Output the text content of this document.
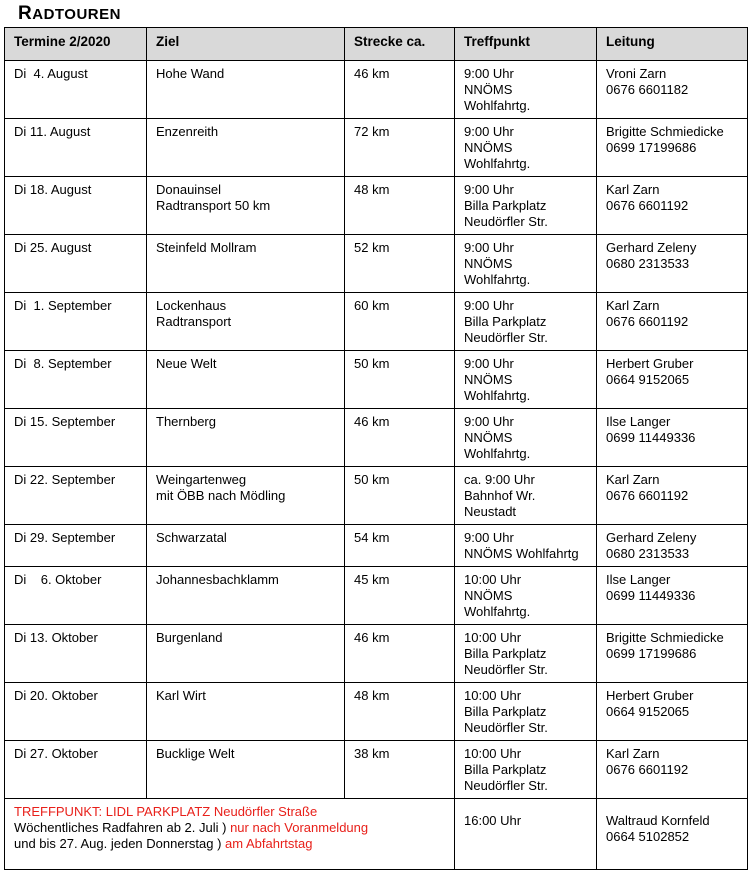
RADTOUREN
Termine 2/2020	Ziel	Strecke ca.	Treffpunkt	Leitung
Di  4. August	Hohe Wand	46 km	9:00 Uhr
NNÖMS
Wohlfahrtg.	Vroni Zarn
0676 6601182

Di 11. August	Enzenreith	72 km	9:00 Uhr
NNÖMS
Wohlfahrtg.	Brigitte Schmiedicke
0699 17199686

Di 18. August	Donauinsel
Radtransport 50 km	48 km	9:00 Uhr
Billa Parkplatz
Neudörfler Str.	Karl Zarn
0676 6601192

Di 25. August	Steinfeld Mollram	52 km	9:00 Uhr
NNÖMS
Wohlfahrtg.	Gerhard Zeleny
0680 2313533

Di  1. September	Lockenhaus
Radtransport	60 km	9:00 Uhr
Billa Parkplatz
Neudörfler Str.	Karl Zarn
0676 6601192

Di  8. September	Neue Welt	50 km	9:00 Uhr
NNÖMS
Wohlfahrtg.	Herbert Gruber
0664 9152065

Di 15. September	Thernberg	46 km	9:00 Uhr
NNÖMS
Wohlfahrtg.	Ilse Langer
0699 11449336

Di 22. September	Weingartenweg
mit ÖBB nach Mödling	50 km	ca. 9:00 Uhr
Bahnhof Wr.
Neustadt	Karl Zarn
0676 6601192

Di 29. September	Schwarzatal	54 km	9:00 Uhr
NNÖMS Wohlfahrtg	Gerhard Zeleny
0680 2313533

Di    6. Oktober	Johannesbachklamm	45 km	10:00 Uhr
NNÖMS
Wohlfahrtg.	Ilse Langer
0699 11449336

Di 13. Oktober	Burgenland	46 km	10:00 Uhr
Billa Parkplatz
Neudörfler Str.	Brigitte Schmiedicke
0699 17199686

Di 20. Oktober	Karl Wirt	48 km	10:00 Uhr
Billa Parkplatz
Neudörfler Str.	Herbert Gruber
0664 9152065

Di 27. Oktober	Bucklige Welt	38 km	10:00 Uhr
Billa Parkplatz
Neudörfler Str.	Karl Zarn
0676 6601192

TREFFPUNKT: LIDL PARKPLATZ Neudörfler Straße
Wöchentliches Radfahren ab 2. Juli ) nur nach Voranmeldung
und bis 27. Aug. jeden Donnerstag ) am Abfahrtstag			16:00 Uhr	Waltraud Kornfeld
0664 5102852
